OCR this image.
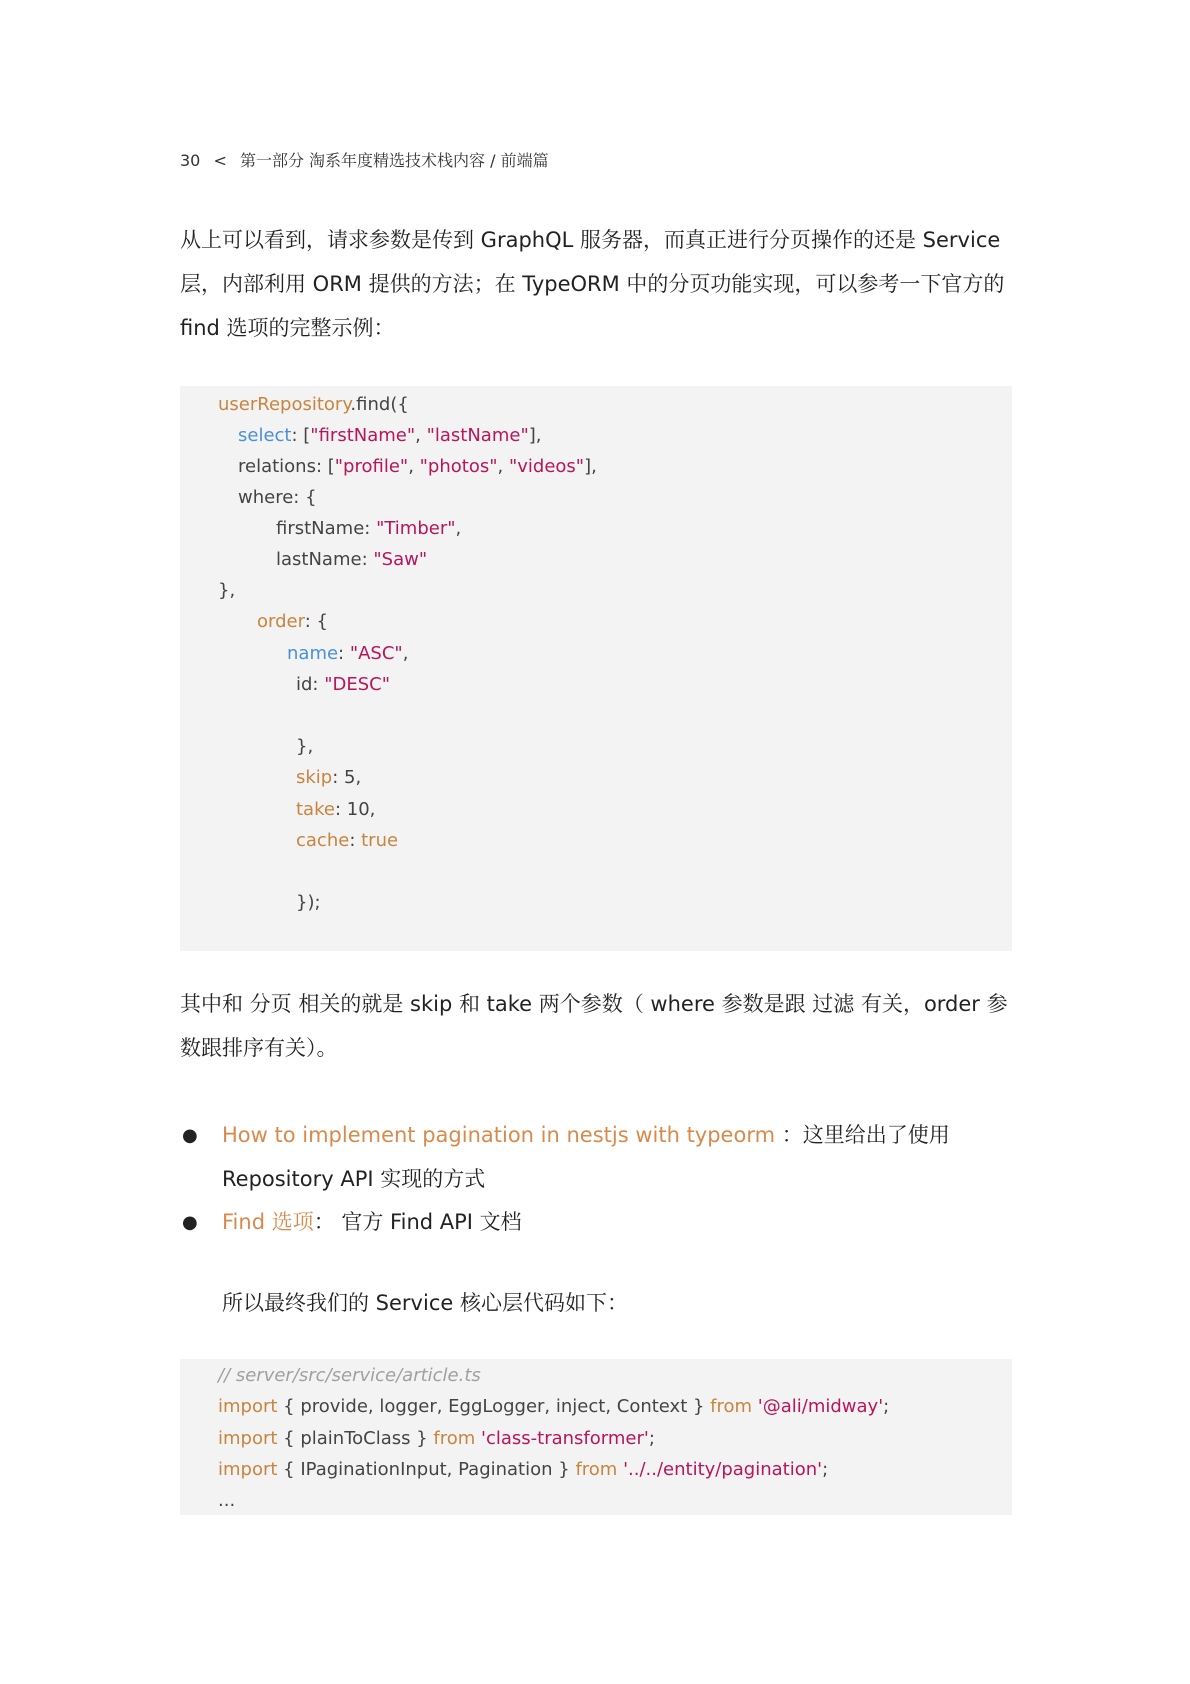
30 < 第一部分 淘系年度精选技术栈内容 / 前端篇
从上可以看到，请求参数是传到 GraphQL 服务器，而真正进行分页操作的还是 Service 层，内部利用 ORM 提供的方法；在 TypeORM 中的分页功能实现，可以参考一下官方的 find 选项的完整示例：
userRepository.find({
select: ["firstName", "lastName"],
relations: ["profile", "photos", "videos"],
where: {
firstName: "Timber",
lastName: "Saw"
},
order: {
name: "ASC",
id: "DESC"
},
skip: 5,
take: 10,
cache: true
});
其中和 分页 相关的就是 skip 和 take 两个参数（ where 参数是跟 过滤 有关，order 参数跟排序有关）。
● How to implement pagination in nestjs with typeorm ：这里给出了使用 Repository API 实现的方式
● Find 选项： 官方 Find API 文档
所以最终我们的 Service 核心层代码如下：
// server/src/service/article.ts
import { provide, logger, EggLogger, inject, Context } from '@ali/midway';
import { plainToClass } from 'class-transformer';
import { IPaginationInput, Pagination } from '../../entity/pagination';
...
